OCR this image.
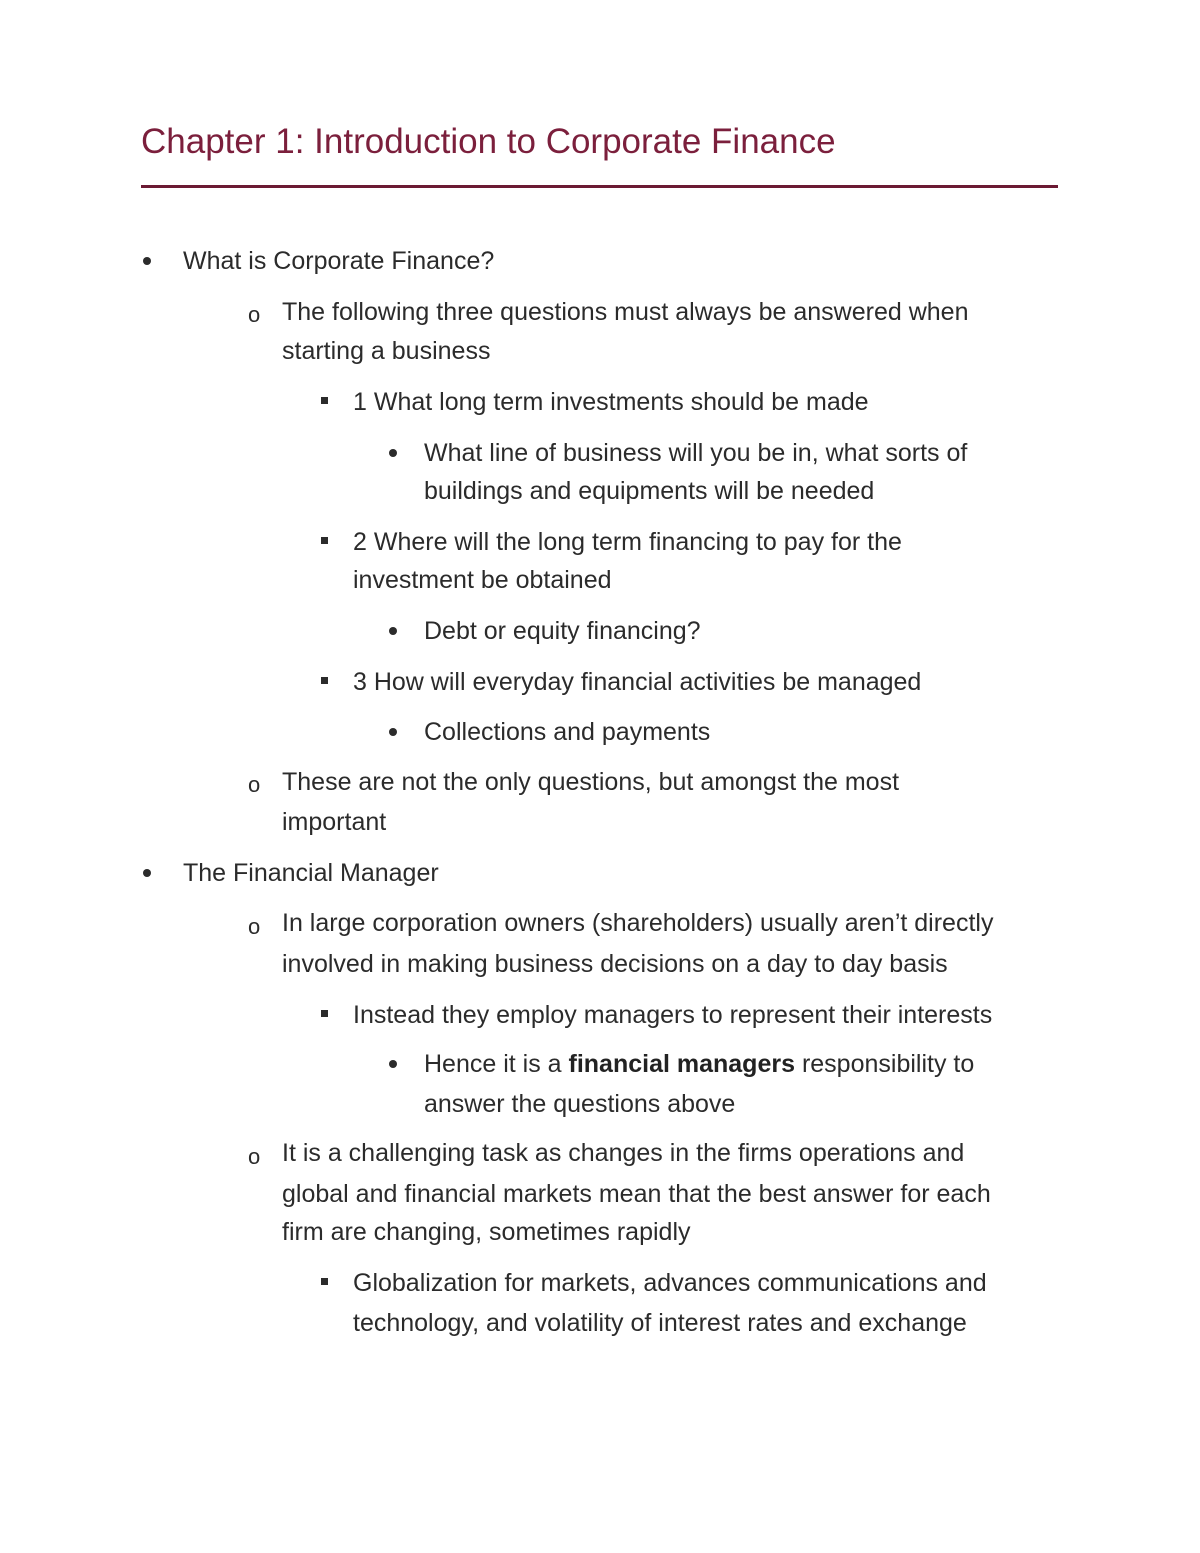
Chapter 1: Introduction to Corporate Finance
What is Corporate Finance?
o The following three questions must always be answered when
starting a business
1 What long term investments should be made
What line of business will you be in, what sorts of
buildings and equipments will be needed
2 Where will the long term financing to pay for the
investment be obtained
Debt or equity financing?
3 How will everyday financial activities be managed
Collections and payments
o These are not the only questions, but amongst the most
important
The Financial Manager
o In large corporation owners (shareholders) usually aren’t directly
involved in making business decisions on a day to day basis
Instead they employ managers to represent their interests
Hence it is a financial managers responsibility to
answer the questions above
o It is a challenging task as changes in the firms operations and
global and financial markets mean that the best answer for each
firm are changing, sometimes rapidly
Globalization for markets, advances communications and
technology, and volatility of interest rates and exchange
